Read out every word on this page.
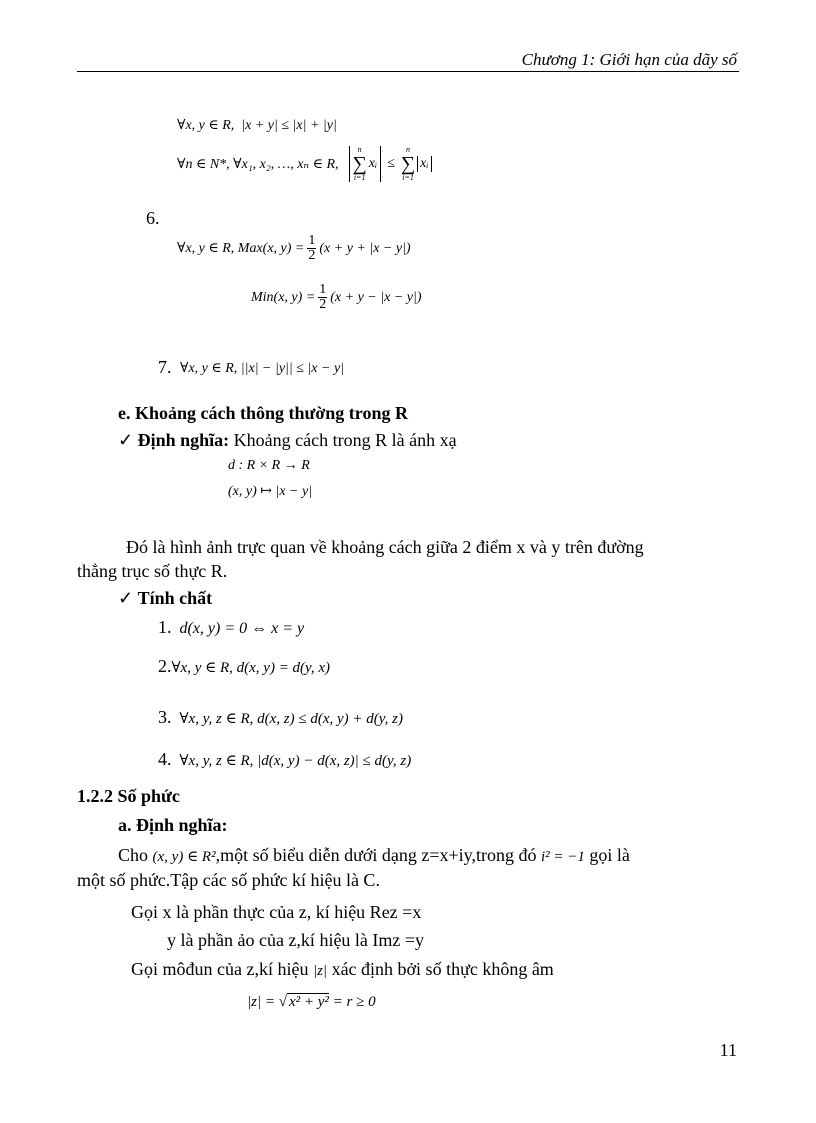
Chương 1: Giới hạn của dãy số
∀x, y ∈ R, |x + y| ≤ |x| + |y|
∀n ∈ N*, ∀x₁, x₂, …, xₙ ∈ R,
n
∑
i=1
xᵢ ≤
n
∑
i=1
xᵢ
6.
∀x, y ∈ R, Max(x, $y) = \frac{1}{2} (x + y + |x - y|)$
Min(x, $y) = \frac{1}{2} (x + y - |x - y|)$
7. ∀x, y ∈ R, ||x| − |y|| ≤ |x − y|
e. Khoảng cách thông thường trong R
✓ Định nghĩa: Khoảng cách trong R là ánh xạ
d : R × R → R
(x, y) ↦ |x − y|
Đó là hình ảnh trực quan về khoảng cách giữa 2 điểm x và y trên đường
thẳng trục số thực R.
✓ Tính chất
1. d(x, y) = 0 ⇔ x = y
2.∀x, y ∈ R, d(x, y) = d(y, x)
3. ∀x, y, z ∈ R, d(x, z) ≤ d(x, y) + d(y, z)
4. ∀x, y, z ∈ R, |d(x, y) − d(x, z)| ≤ d(y, z)
1.2.2 Số phức
a. Định nghĩa:
Cho (x, y) ∈ R²,một số biểu diễn dưới dạng z=x+iy,trong đó i² = −1 gọi là
một số phức.Tập các số phức kí hiệu là C.
Gọi x là phần thực của z, kí hiệu Rez =x
y là phần ảo của z,kí hiệu là Imz =y
Gọi môđun của z,kí hiệu |z| xác định bởi số thực không âm
|z| = √ x² + y² = r ≥ 0
11
